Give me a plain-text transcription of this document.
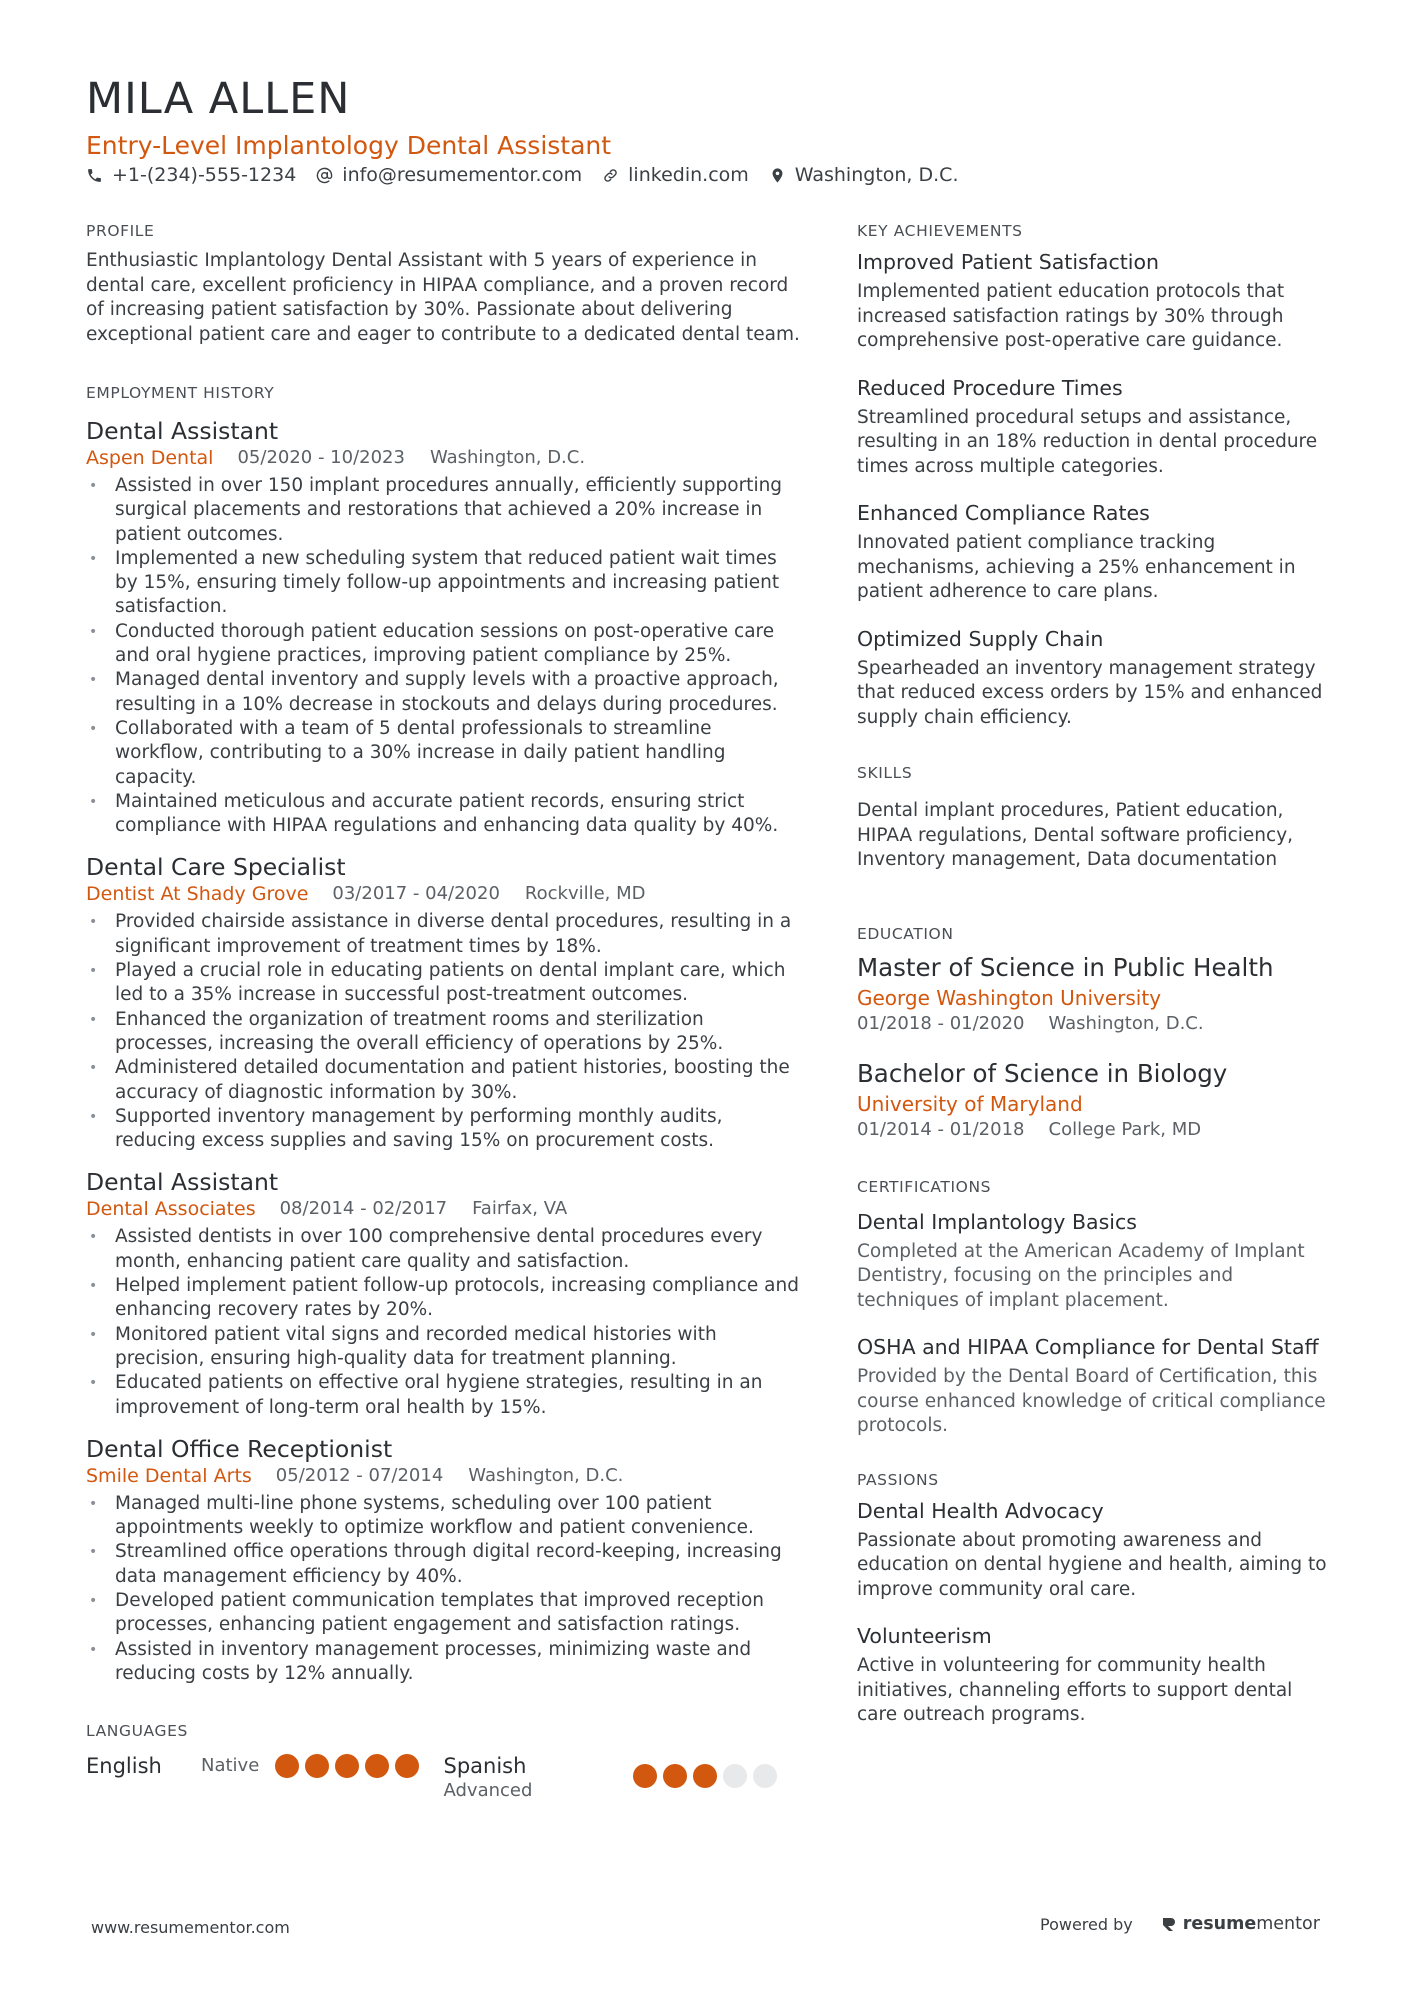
MILA ALLEN
Entry-Level Implantology Dental Assistant
+1-(234)-555-1234 info@resumementor.com linkedin.com Washington, D.C.
PROFILE
Enthusiastic Implantology Dental Assistant with 5 years of experience in dental care, excellent proficiency in HIPAA compliance, and a proven record of increasing patient satisfaction by 30%. Passionate about delivering exceptional patient care and eager to contribute to a dedicated dental team.
EMPLOYMENT HISTORY
Dental Assistant
Aspen Dental 05/2020 - 10/2023 Washington, D.C.
• Assisted in over 150 implant procedures annually, efficiently supporting surgical placements and restorations that achieved a 20% increase in patient outcomes.
• Implemented a new scheduling system that reduced patient wait times by 15%, ensuring timely follow-up appointments and increasing patient satisfaction.
• Conducted thorough patient education sessions on post-operative care and oral hygiene practices, improving patient compliance by 25%.
• Managed dental inventory and supply levels with a proactive approach, resulting in a 10% decrease in stockouts and delays during procedures.
• Collaborated with a team of 5 dental professionals to streamline workflow, contributing to a 30% increase in daily patient handling capacity.
• Maintained meticulous and accurate patient records, ensuring strict compliance with HIPAA regulations and enhancing data quality by 40%.
Dental Care Specialist
Dentist At Shady Grove 03/2017 - 04/2020 Rockville, MD
• Provided chairside assistance in diverse dental procedures, resulting in a significant improvement of treatment times by 18%.
• Played a crucial role in educating patients on dental implant care, which led to a 35% increase in successful post-treatment outcomes.
• Enhanced the organization of treatment rooms and sterilization processes, increasing the overall efficiency of operations by 25%.
• Administered detailed documentation and patient histories, boosting the accuracy of diagnostic information by 30%.
• Supported inventory management by performing monthly audits, reducing excess supplies and saving 15% on procurement costs.
Dental Assistant
Dental Associates 08/2014 - 02/2017 Fairfax, VA
• Assisted dentists in over 100 comprehensive dental procedures every month, enhancing patient care quality and satisfaction.
• Helped implement patient follow-up protocols, increasing compliance and enhancing recovery rates by 20%.
• Monitored patient vital signs and recorded medical histories with precision, ensuring high-quality data for treatment planning.
• Educated patients on effective oral hygiene strategies, resulting in an improvement of long-term oral health by 15%.
Dental Office Receptionist
Smile Dental Arts 05/2012 - 07/2014 Washington, D.C.
• Managed multi-line phone systems, scheduling over 100 patient appointments weekly to optimize workflow and patient convenience.
• Streamlined office operations through digital record-keeping, increasing data management efficiency by 40%.
• Developed patient communication templates that improved reception processes, enhancing patient engagement and satisfaction ratings.
• Assisted in inventory management processes, minimizing waste and reducing costs by 12% annually.
LANGUAGES
English	Native	Spanish
Advanced
KEY ACHIEVEMENTS
Improved Patient Satisfaction
Implemented patient education protocols that increased satisfaction ratings by 30% through comprehensive post-operative care guidance.
Reduced Procedure Times
Streamlined procedural setups and assistance, resulting in an 18% reduction in dental procedure times across multiple categories.
Enhanced Compliance Rates
Innovated patient compliance tracking mechanisms, achieving a 25% enhancement in patient adherence to care plans.
Optimized Supply Chain
Spearheaded an inventory management strategy that reduced excess orders by 15% and enhanced supply chain efficiency.
SKILLS
Dental implant procedures, Patient education, HIPAA regulations, Dental software proficiency, Inventory management, Data documentation
EDUCATION
Master of Science in Public Health
George Washington University
01/2018 - 01/2020 Washington, D.C.
Bachelor of Science in Biology
University of Maryland
01/2014 - 01/2018 College Park, MD
CERTIFICATIONS
Dental Implantology Basics
Completed at the American Academy of Implant Dentistry, focusing on the principles and techniques of implant placement.
OSHA and HIPAA Compliance for Dental Staff
Provided by the Dental Board of Certification, this course enhanced knowledge of critical compliance protocols.
PASSIONS
Dental Health Advocacy
Passionate about promoting awareness and education on dental hygiene and health, aiming to improve community oral care.
Volunteerism
Active in volunteering for community health initiatives, channeling efforts to support dental care outreach programs.
www.resumementor.com	Powered by	resume mentor
